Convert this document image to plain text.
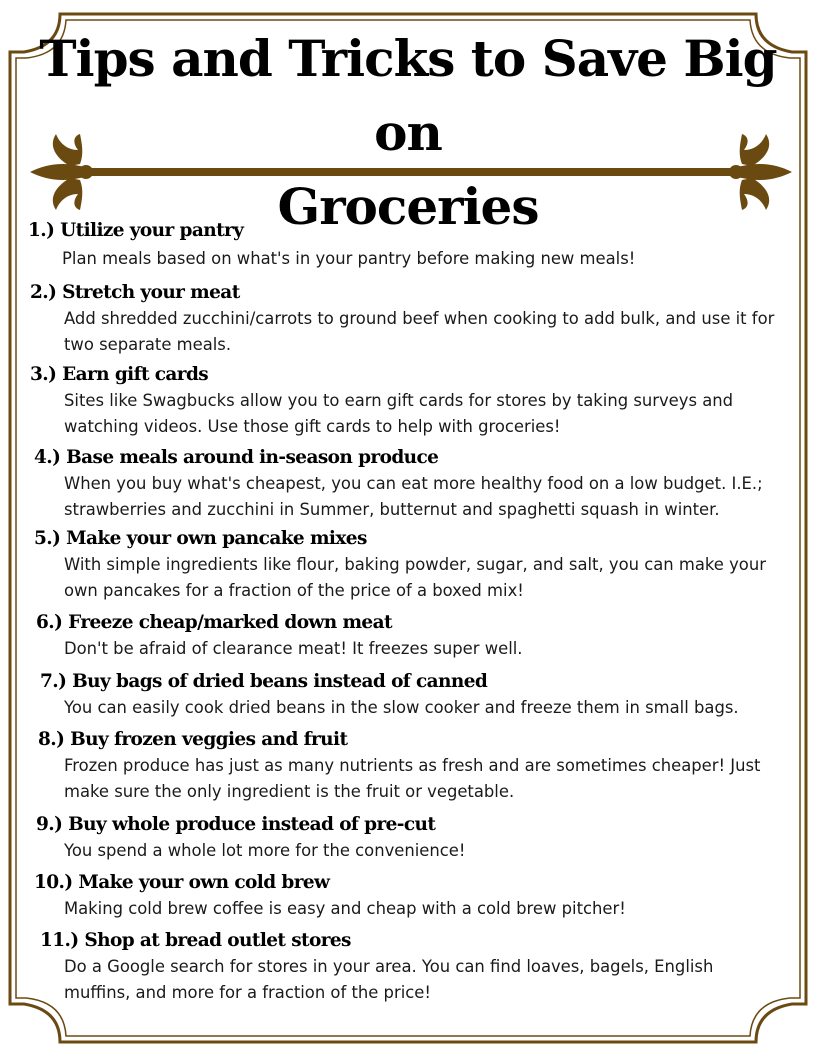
Tips and Tricks to Save Big on
Groceries
1.) Utilize your pantry
Plan meals based on what's in your pantry before making new meals!
2.) Stretch your meat
Add shredded zucchini/carrots to ground beef when cooking to add bulk, and use it for two separate meals.
3.) Earn gift cards
Sites like Swagbucks allow you to earn gift cards for stores by taking surveys and watching videos. Use those gift cards to help with groceries!
4.) Base meals around in-season produce
When you buy what's cheapest, you can eat more healthy food on a low budget. I.E.; strawberries and zucchini in Summer, butternut and spaghetti squash in winter.
5.) Make your own pancake mixes
With simple ingredients like flour, baking powder, sugar, and salt, you can make your own pancakes for a fraction of the price of a boxed mix!
6.) Freeze cheap/marked down meat
Don't be afraid of clearance meat! It freezes super well.
7.) Buy bags of dried beans instead of canned
You can easily cook dried beans in the slow cooker and freeze them in small bags.
8.) Buy frozen veggies and fruit
Frozen produce has just as many nutrients as fresh and are sometimes cheaper! Just make sure the only ingredient is the fruit or vegetable.
9.) Buy whole produce instead of pre-cut
You spend a whole lot more for the convenience!
10.) Make your own cold brew
Making cold brew coffee is easy and cheap with a cold brew pitcher!
11.) Shop at bread outlet stores
Do a Google search for stores in your area. You can find loaves, bagels, English muffins, and more for a fraction of the price!
